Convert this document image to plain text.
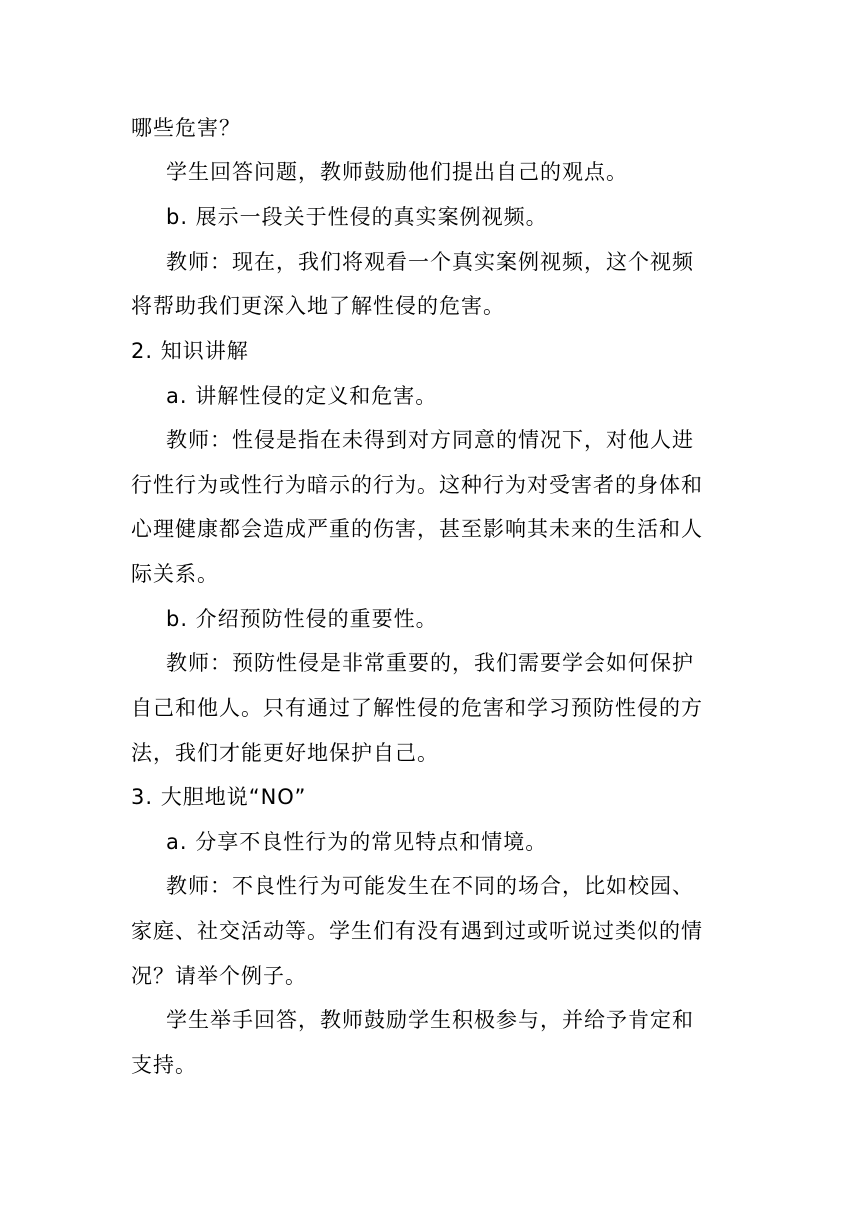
哪些危害？

学生回答问题，教师鼓励他们提出自己的观点。

b. 展示一段关于性侵的真实案例视频。

教师：现在，我们将观看一个真实案例视频，这个视频

将帮助我们更深入地了解性侵的危害。

2. 知识讲解

a. 讲解性侵的定义和危害。

教师：性侵是指在未得到对方同意的情况下，对他人进

行性行为或性行为暗示的行为。这种行为对受害者的身体和

心理健康都会造成严重的伤害，甚至影响其未来的生活和人

际关系。

b. 介绍预防性侵的重要性。

教师：预防性侵是非常重要的，我们需要学会如何保护

自己和他人。只有通过了解性侵的危害和学习预防性侵的方

法，我们才能更好地保护自己。

3. 大胆地说“NO”

a. 分享不良性行为的常见特点和情境。

教师：不良性行为可能发生在不同的场合，比如校园、

家庭、社交活动等。学生们有没有遇到过或听说过类似的情

况？请举个例子。

学生举手回答，教师鼓励学生积极参与，并给予肯定和

支持。
